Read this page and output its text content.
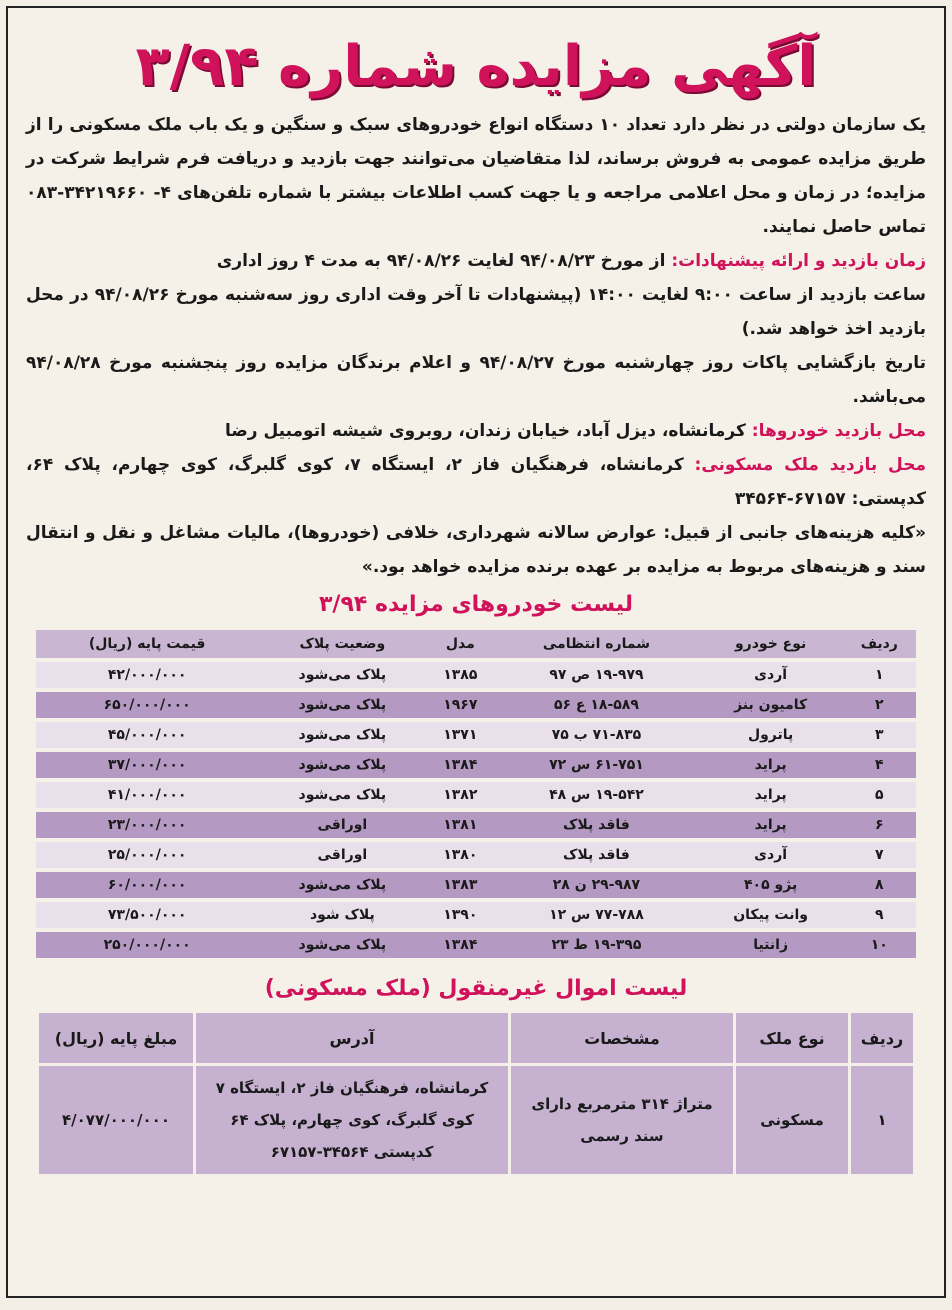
آگهی مزایده شماره ۳/۹۴

یک سازمان دولتی در نظر دارد تعداد ۱۰ دستگاه انواع خودروهای سبک و سنگین و یک باب ملک مسکونی را از طریق مزایده عمومی به فروش برساند، لذا متقاضیان می‌توانند جهت بازدید و دریافت فرم شرایط شرکت در مزایده؛ در زمان و محل اعلامی مراجعه و یا جهت کسب اطلاعات بیشتر با شماره تلفن‌های ۴- ۳۴۲۱۹۶۶۰-۰۸۳ تماس حاصل نمایند.

زمان بازدید و ارائه پیشنهادات: از مورخ ۹۴/۰۸/۲۳ لغایت ۹۴/۰۸/۲۶ به مدت ۴ روز اداری

ساعت بازدید از ساعت ۹:۰۰ لغایت ۱۴:۰۰ (پیشنهادات تا آخر وقت اداری روز سه‌شنبه مورخ ۹۴/۰۸/۲۶ در محل بازدید اخذ خواهد شد.)

تاریخ بازگشایی پاکات روز چهارشنبه مورخ ۹۴/۰۸/۲۷ و اعلام برندگان مزایده روز پنجشنبه مورخ ۹۴/۰۸/۲۸ می‌باشد.

محل بازدید خودروها: کرمانشاه، دیزل آباد، خیابان زندان، روبروی شیشه اتومبیل رضا

محل بازدید ملک مسکونی: کرمانشاه، فرهنگیان فاز ۲، ایستگاه ۷، کوی گلبرگ، کوی چهارم، پلاک ۶۴، کدپستی: ۶۷۱۵۷-۳۴۵۶۴

«کلیه هزینه‌های جانبی از قبیل: عوارض سالانه شهرداری، خلافی (خودروها)، مالیات مشاغل و نقل و انتقال سند و هزینه‌های مربوط به مزایده بر عهده برنده مزایده خواهد بود.»

لیست خودروهای مزایده ۳/۹۴
ردیف	نوع خودرو	شماره انتظامی	مدل	وضعیت پلاک	قیمت پایه (ریال)
۱	آردی	۱۹-۹۷۹ ص ۹۷	۱۳۸۵	پلاک می‌شود	۴۲/۰۰۰/۰۰۰
۲	کامیون بنز	۱۸-۵۸۹ ع ۵۶	۱۹۶۷	پلاک می‌شود	۶۵۰/۰۰۰/۰۰۰
۳	پاترول	۷۱-۸۳۵ ب ۷۵	۱۳۷۱	پلاک می‌شود	۴۵/۰۰۰/۰۰۰
۴	پراید	۶۱-۷۵۱ س ۷۲	۱۳۸۴	پلاک می‌شود	۳۷/۰۰۰/۰۰۰
۵	پراید	۱۹-۵۴۲ س ۴۸	۱۳۸۲	پلاک می‌شود	۴۱/۰۰۰/۰۰۰
۶	پراید	فاقد پلاک	۱۳۸۱	اوراقی	۲۳/۰۰۰/۰۰۰
۷	آردی	فاقد پلاک	۱۳۸۰	اوراقی	۲۵/۰۰۰/۰۰۰
۸	پژو ۴۰۵	۲۹-۹۸۷ ن ۲۸	۱۳۸۳	پلاک می‌شود	۶۰/۰۰۰/۰۰۰
۹	وانت پیکان	۷۷-۷۸۸ س ۱۲	۱۳۹۰	پلاک شود	۷۳/۵۰۰/۰۰۰
۱۰	زانتیا	۱۹-۳۹۵ ط ۲۳	۱۳۸۴	پلاک می‌شود	۲۵۰/۰۰۰/۰۰۰
لیست اموال غیرمنقول (ملک مسکونی)
ردیف	نوع ملک	مشخصات	آدرس	مبلغ پایه (ریال)
۱	مسکونی	متراژ ۳۱۴ مترمربع دارای سند رسمی	کرمانشاه، فرهنگیان فاز ۲، ایستگاه ۷ کوی گلبرگ، کوی چهارم، پلاک ۶۴ کدپستی ۳۴۵۶۴-۶۷۱۵۷	۴/۰۷۷/۰۰۰/۰۰۰
